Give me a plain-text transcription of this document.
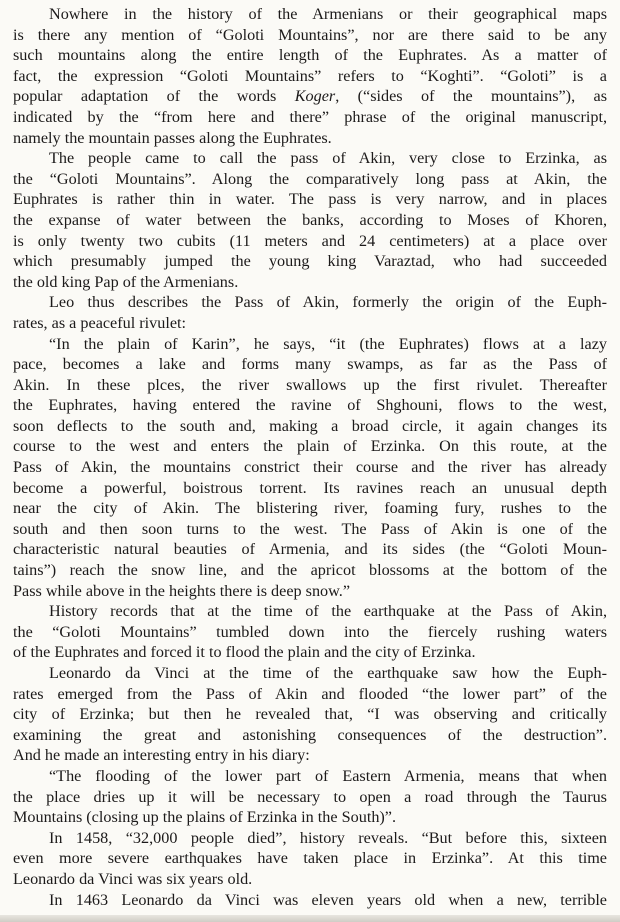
Nowhere in the history of the Armenians or their geographical maps
is there any mention of “Goloti Mountains”, nor are there said to be any
such mountains along the entire length of the Euphrates. As a matter of
fact, the expression “Goloti Mountains” refers to “Koghti”. “Goloti” is a
popular adaptation of the words Koger, (“sides of the mountains”), as
indicated by the “from here and there” phrase of the original manuscript,
namely the mountain passes along the Euphrates.
The people came to call the pass of Akin, very close to Erzinka, as
the “Goloti Mountains”. Along the comparatively long pass at Akin, the
Euphrates is rather thin in water. The pass is very narrow, and in places
the expanse of water between the banks, according to Moses of Khoren,
is only twenty two cubits (11 meters and 24 centimeters) at a place over
which presumably jumped the young king Varaztad, who had succeeded
the old king Pap of the Armenians.
Leo thus describes the Pass of Akin, formerly the origin of the Euph-
rates, as a peaceful rivulet:
“In the plain of Karin”, he says, “it (the Euphrates) flows at a lazy
pace, becomes a lake and forms many swamps, as far as the Pass of
Akin. In these plces, the river swallows up the first rivulet. Thereafter
the Euphrates, having entered the ravine of Shghouni, flows to the west,
soon deflects to the south and, making a broad circle, it again changes its
course to the west and enters the plain of Erzinka. On this route, at the
Pass of Akin, the mountains constrict their course and the river has already
become a powerful, boistrous torrent. Its ravines reach an unusual depth
near the city of Akin. The blistering river, foaming fury, rushes to the
south and then soon turns to the west. The Pass of Akin is one of the
characteristic natural beauties of Armenia, and its sides (the “Goloti Moun-
tains”) reach the snow line, and the apricot blossoms at the bottom of the
Pass while above in the heights there is deep snow.”
History records that at the time of the earthquake at the Pass of Akin,
the “Goloti Mountains” tumbled down into the fiercely rushing waters
of the Euphrates and forced it to flood the plain and the city of Erzinka.
Leonardo da Vinci at the time of the earthquake saw how the Euph-
rates emerged from the Pass of Akin and flooded “the lower part” of the
city of Erzinka; but then he revealed that, “I was observing and critically
examining the great and astonishing consequences of the destruction”.
And he made an interesting entry in his diary:
“The flooding of the lower part of Eastern Armenia, means that when
the place dries up it will be necessary to open a road through the Taurus
Mountains (closing up the plains of Erzinka in the South)”.
In 1458, “32,000 people died”, history reveals. “But before this, sixteen
even more severe earthquakes have taken place in Erzinka”. At this time
Leonardo da Vinci was six years old.
In 1463 Leonardo da Vinci was eleven years old when a new, terrible
